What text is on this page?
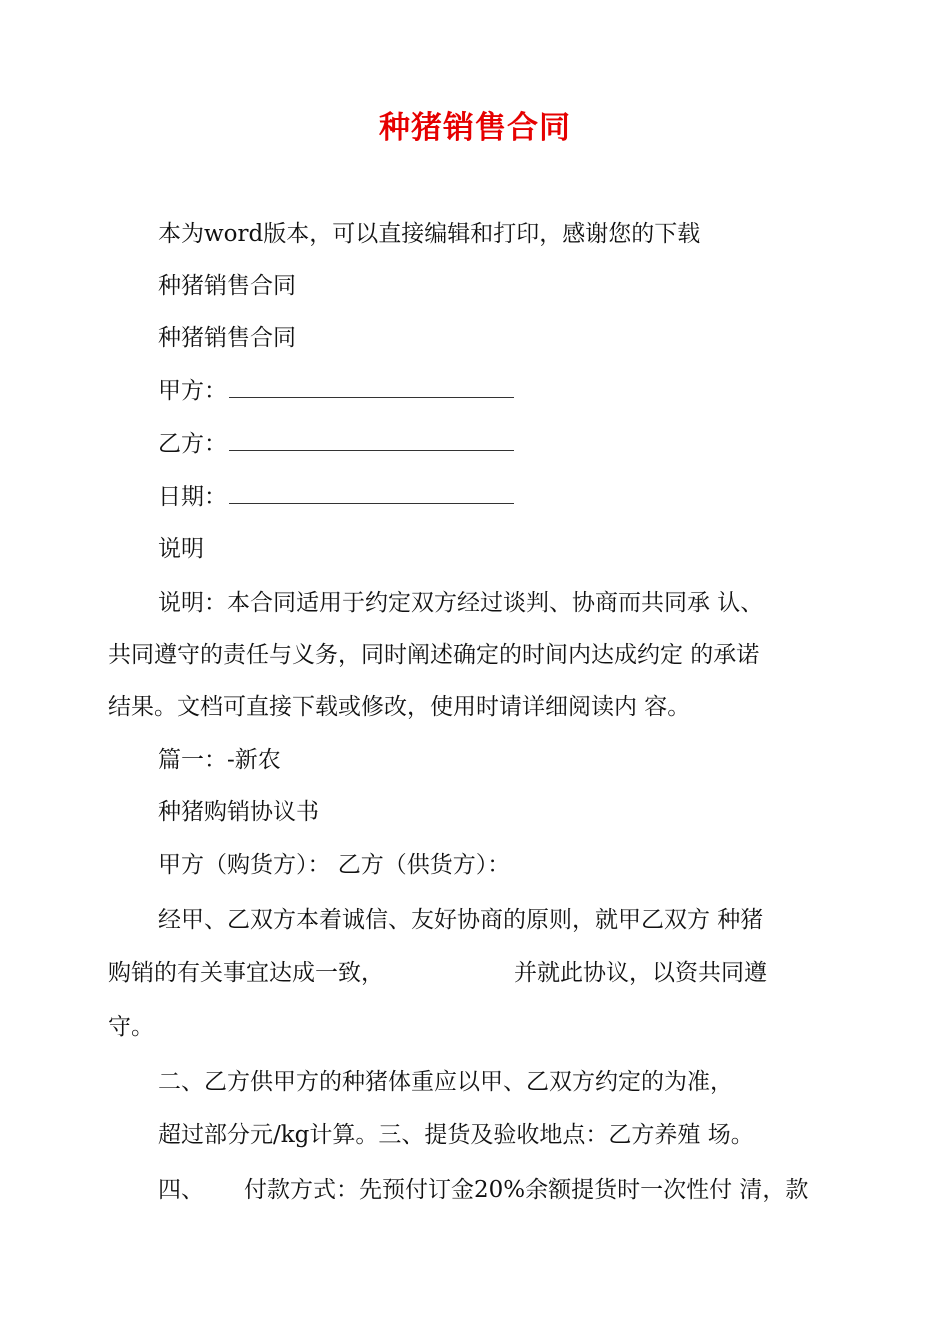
种猪销售合同
本为word版本，可以直接编辑和打印，感谢您的下载
种猪销售合同
种猪销售合同
甲方：
乙方：
日期：
说明
说明：本合同适用于约定双方经过谈判、协商而共同承 认、
共同遵守的责任与义务，同时阐述确定的时间内达成约定 的承诺
结果。文档可直接下载或修改，使用时请详细阅读内 容。
篇一：-新农
种猪购销协议书
甲方（购货方）： 乙方（供货方）：
经甲、乙双方本着诚信、友好协商的原则，就甲乙双方 种猪
购销的有关事宜达成一致，	并就此协议，以资共同遵
守。
二、乙方供甲方的种猪体重应以甲、乙双方约定的为准，
超过部分元/kg计算。三、提货及验收地点：乙方养殖 场。
四、 付款方式：先预付订金20%余额提货时一次性付 清，款
